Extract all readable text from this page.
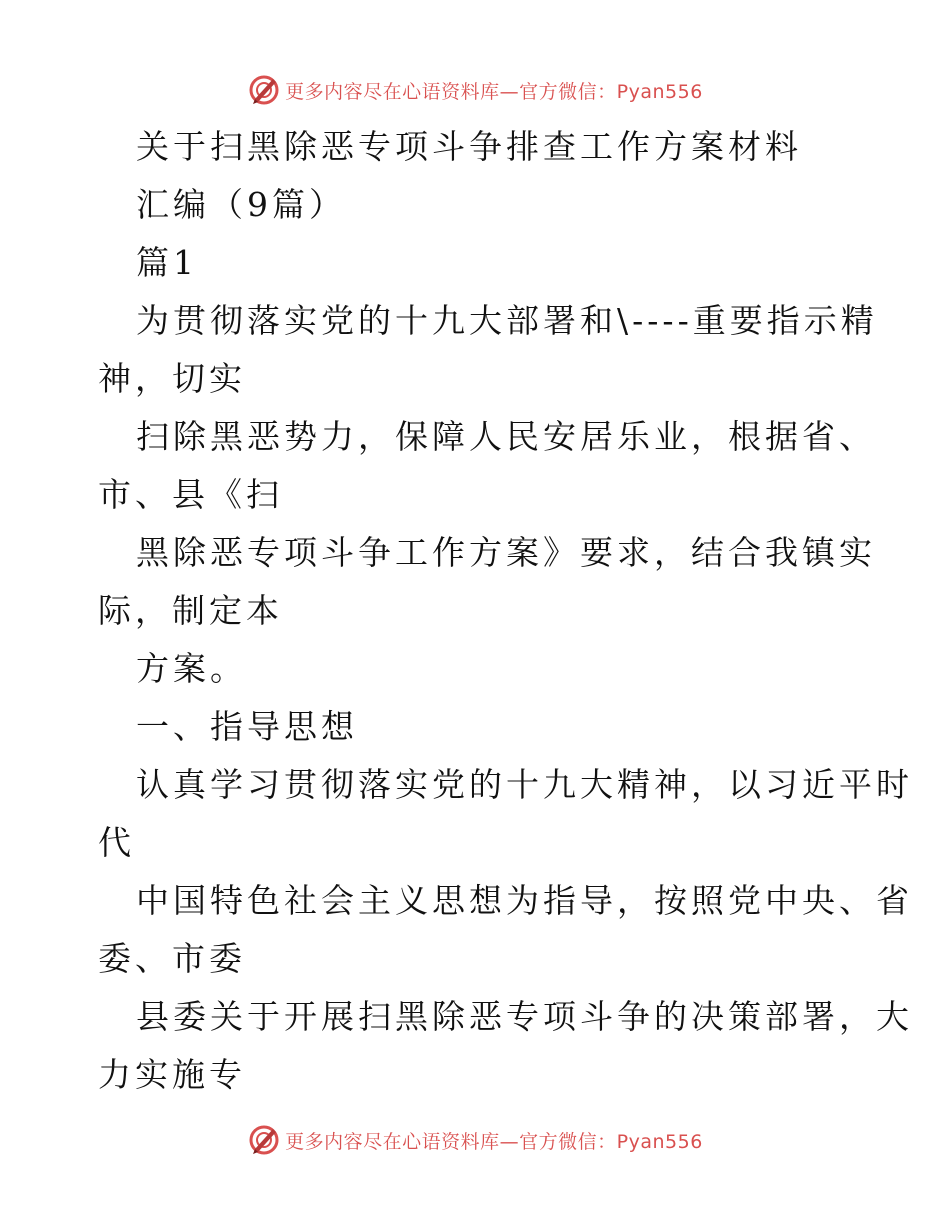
更多内容尽在心语资料库—官方微信：Pyan556
关于扫黑除恶专项斗争排查工作方案材料
汇编（9篇）
篇1
为贯彻落实党的十九大部署和\----重要指示精
神，切实
扫除黑恶势力，保障人民安居乐业，根据省、
市、县《扫
黑除恶专项斗争工作方案》要求，结合我镇实
际，制定本
方案。
一、指导思想
认真学习贯彻落实党的十九大精神，以习近平时
代
中国特色社会主义思想为指导，按照党中央、省
委、市委
县委关于开展扫黑除恶专项斗争的决策部署，大
力实施专
更多内容尽在心语资料库—官方微信：Pyan556
